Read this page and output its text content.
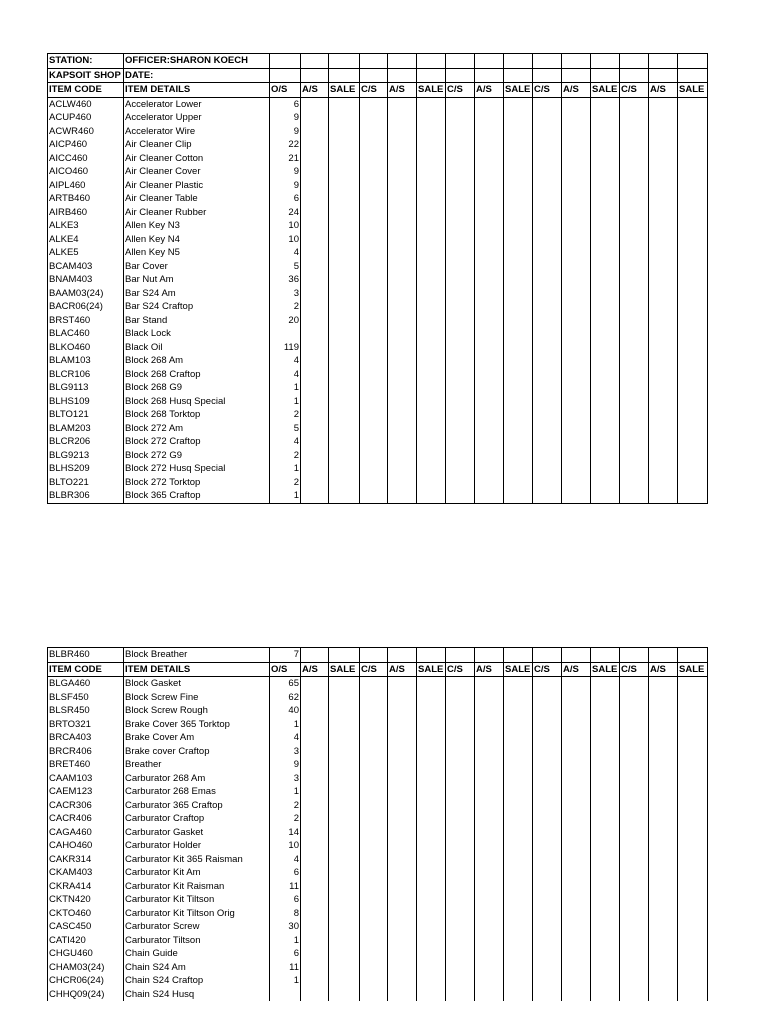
STATION:	OFFICER:SHARON KOECH															
KAPSOIT SHOP	DATE:															
ITEM CODE	ITEM DETAILS	O/S	A/S	SALE	C/S	A/S	SALE	C/S	A/S	SALE	C/S	A/S	SALE	C/S	A/S	SALE
ACLW460	Accelerator Lower	6														
ACUP460	Accelerator Upper	9														
ACWR460	Accelerator Wire	9														
AICP460	Air Cleaner Clip	22														
AICC460	Air Cleaner Cotton	21														
AICO460	Air Cleaner Cover	9														
AIPL460	Air Cleaner Plastic	9														
ARTB460	Air Cleaner Table	6														
AIRB460	Air Cleaner Rubber	24														
ALKE3	Allen Key N3	10														
ALKE4	Allen Key N4	10														
ALKE5	Allen Key N5	4														
BCAM403	Bar Cover	5														
BNAM403	Bar Nut Am	36														
BAAM03(24)	Bar S24 Am	3														
BACR06(24)	Bar S24 Craftop	2														
BRST460	Bar Stand	20														
BLAC460	Black Lock															
BLKO460	Black Oil	119														
BLAM103	Block 268 Am	4														
BLCR106	Block 268 Craftop	4														
BLG9113	Block 268 G9	1														
BLHS109	Block 268 Husq Special	1														
BLTO121	Block 268 Torktop	2														
BLAM203	Block 272 Am	5														
BLCR206	Block 272 Craftop	4														
BLG9213	Block 272 G9	2														
BLHS209	Block 272 Husq Special	1														
BLTO221	Block 272 Torktop	2														
BLBR306	Block 365 Craftop	1														
BLBR460	Block Breather	7														
ITEM CODE	ITEM DETAILS	O/S	A/S	SALE	C/S	A/S	SALE	C/S	A/S	SALE	C/S	A/S	SALE	C/S	A/S	SALE
BLGA460	Block Gasket	65														
BLSF450	Block Screw Fine	62														
BLSR450	Block Screw Rough	40														
BRTO321	Brake Cover 365 Torktop	1														
BRCA403	Brake Cover Am	4														
BRCR406	Brake cover Craftop	3														
BRET460	Breather	9														
CAAM103	Carburator 268 Am	3														
CAEM123	Carburator 268 Emas	1														
CACR306	Carburator 365 Craftop	2														
CACR406	Carburator Craftop	2														
CAGA460	Carburator Gasket	14														
CAHO460	Carburator Holder	10														
CAKR314	Carburator Kit 365 Raisman	4														
CKAM403	Carburator Kit Am	6														
CKRA414	Carburator Kit Raisman	11														
CKTN420	Carburator Kit Tiltson	6														
CKTO460	Carburator Kit Tiltson Orig	8														
CASC450	Carburator Screw	30														
CATI420	Carburator Tiltson	1														
CHGU460	Chain Guide	6														
CHAM03(24)	Chain S24 Am	11														
CHCR06(24)	Chain S24 Craftop	1														
CHHQ09(24)	Chain S24 Husq															
